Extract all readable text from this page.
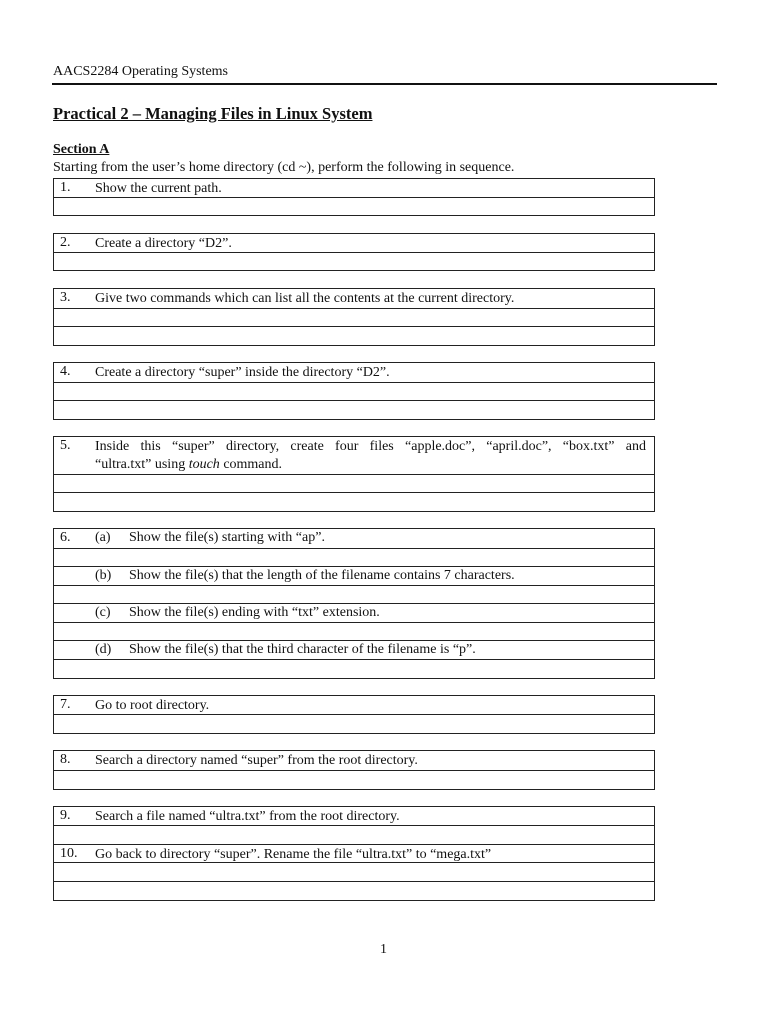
AACS2284 Operating Systems
Practical 2 – Managing Files in Linux System
Section A
Starting from the user’s home directory (cd ~), perform the following in sequence.
1. Show the current path.
2. Create a directory “D2”.
3. Give two commands which can list all the contents at the current directory.
4. Create a directory “super” inside the directory “D2”.
5. Inside this “super” directory, create four files “apple.doc”, “april.doc”, “box.txt” and
“ultra.txt” using touch command.
6. (a) Show the file(s) starting with “ap”.
(b) Show the file(s) that the length of the filename contains 7 characters.
(c) Show the file(s) ending with “txt” extension.
(d) Show the file(s) that the third character of the filename is “p”.
7. Go to root directory.
8. Search a directory named “super” from the root directory.
9. Search a file named “ultra.txt” from the root directory.
10. Go back to directory “super”. Rename the file “ultra.txt” to “mega.txt”
1
